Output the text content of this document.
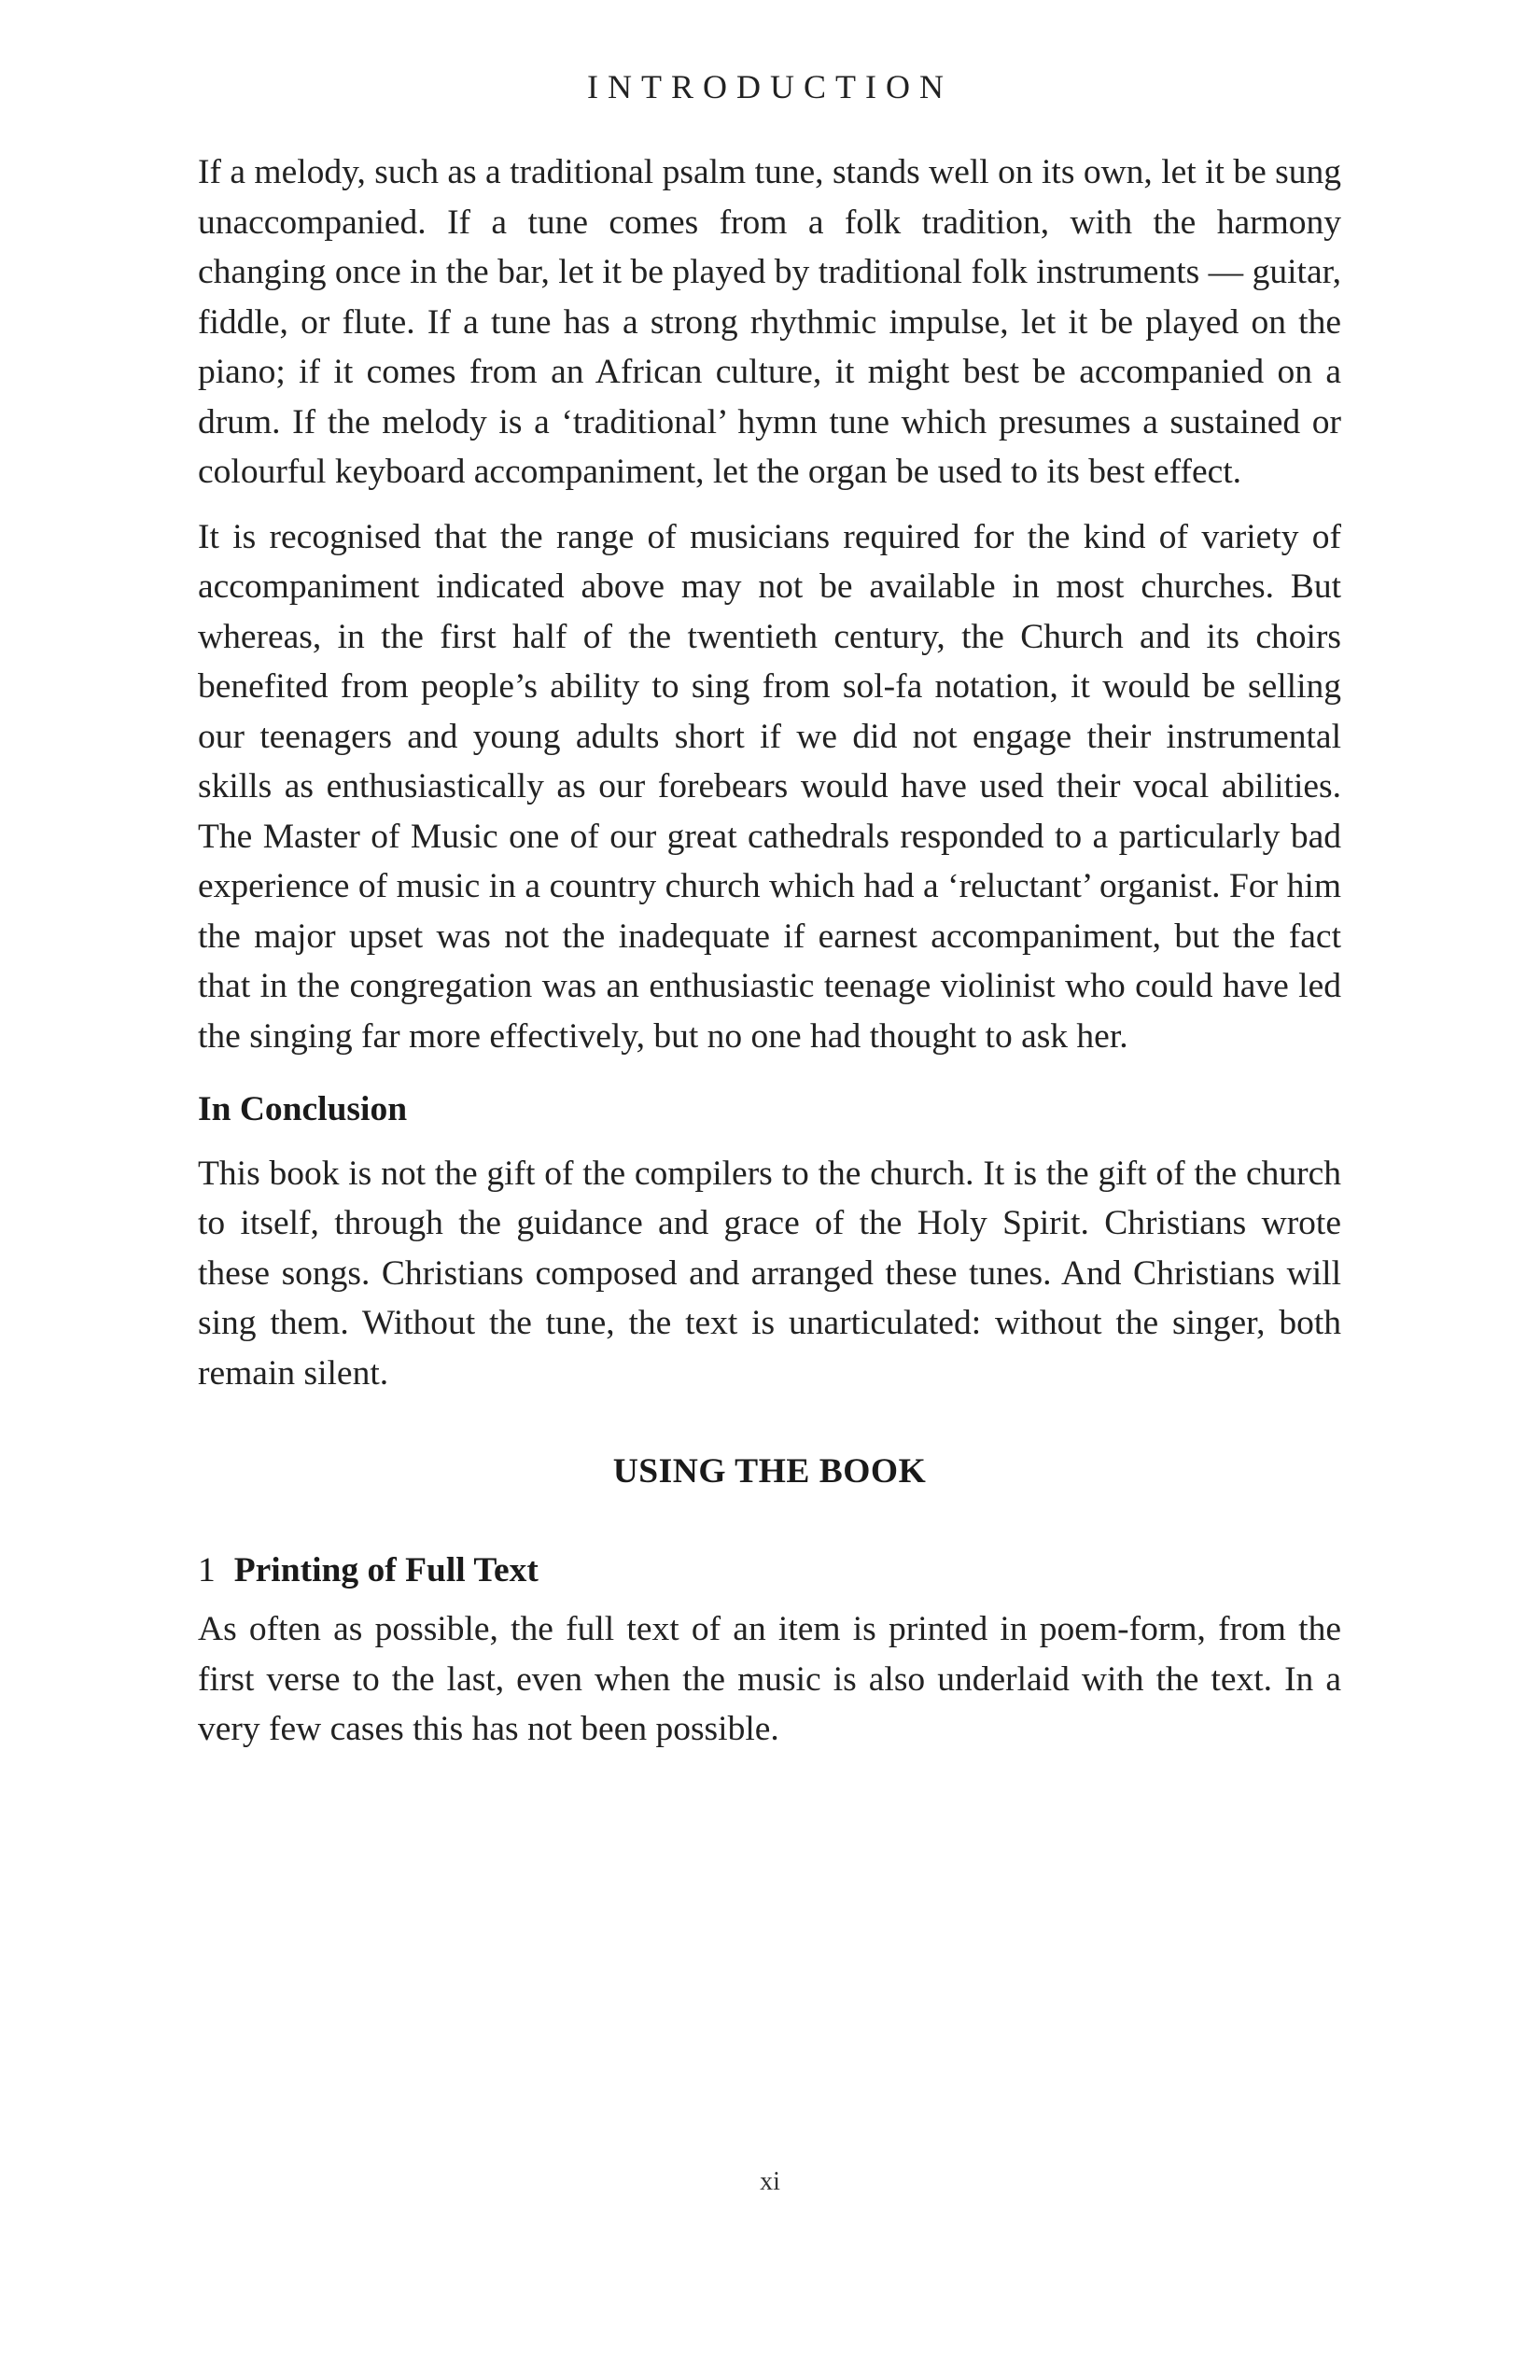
INTRODUCTION

If a melody, such as a traditional psalm tune, stands well on its own, let it be sung unaccompanied. If a tune comes from a folk tradition, with the harmony changing once in the bar, let it be played by traditional folk instruments — guitar, fiddle, or flute. If a tune has a strong rhythmic impulse, let it be played on the piano; if it comes from an African culture, it might best be accompanied on a drum. If the melody is a ‘traditional’ hymn tune which presumes a sustained or colourful keyboard accompaniment, let the organ be used to its best effect.

It is recognised that the range of musicians required for the kind of variety of accompaniment indicated above may not be available in most churches. But whereas, in the first half of the twentieth century, the Church and its choirs benefited from people’s ability to sing from sol-fa notation, it would be selling our teenagers and young adults short if we did not engage their instrumental skills as enthusiastically as our forebears would have used their vocal abilities. The Master of Music one of our great cathedrals responded to a particularly bad experience of music in a country church which had a ‘reluctant’ organist. For him the major upset was not the inadequate if earnest accompaniment, but the fact that in the congregation was an enthusiastic teenage violinist who could have led the singing far more effectively, but no one had thought to ask her.

In Conclusion

This book is not the gift of the compilers to the church. It is the gift of the church to itself, through the guidance and grace of the Holy Spirit. Christians wrote these songs. Christians composed and arranged these tunes. And Christians will sing them. Without the tune, the text is unarticulated: without the singer, both remain silent.

USING THE BOOK
1 Printing of Full Text

As often as possible, the full text of an item is printed in poem-form, from the first verse to the last, even when the music is also underlaid with the text. In a very few cases this has not been possible.

xi
